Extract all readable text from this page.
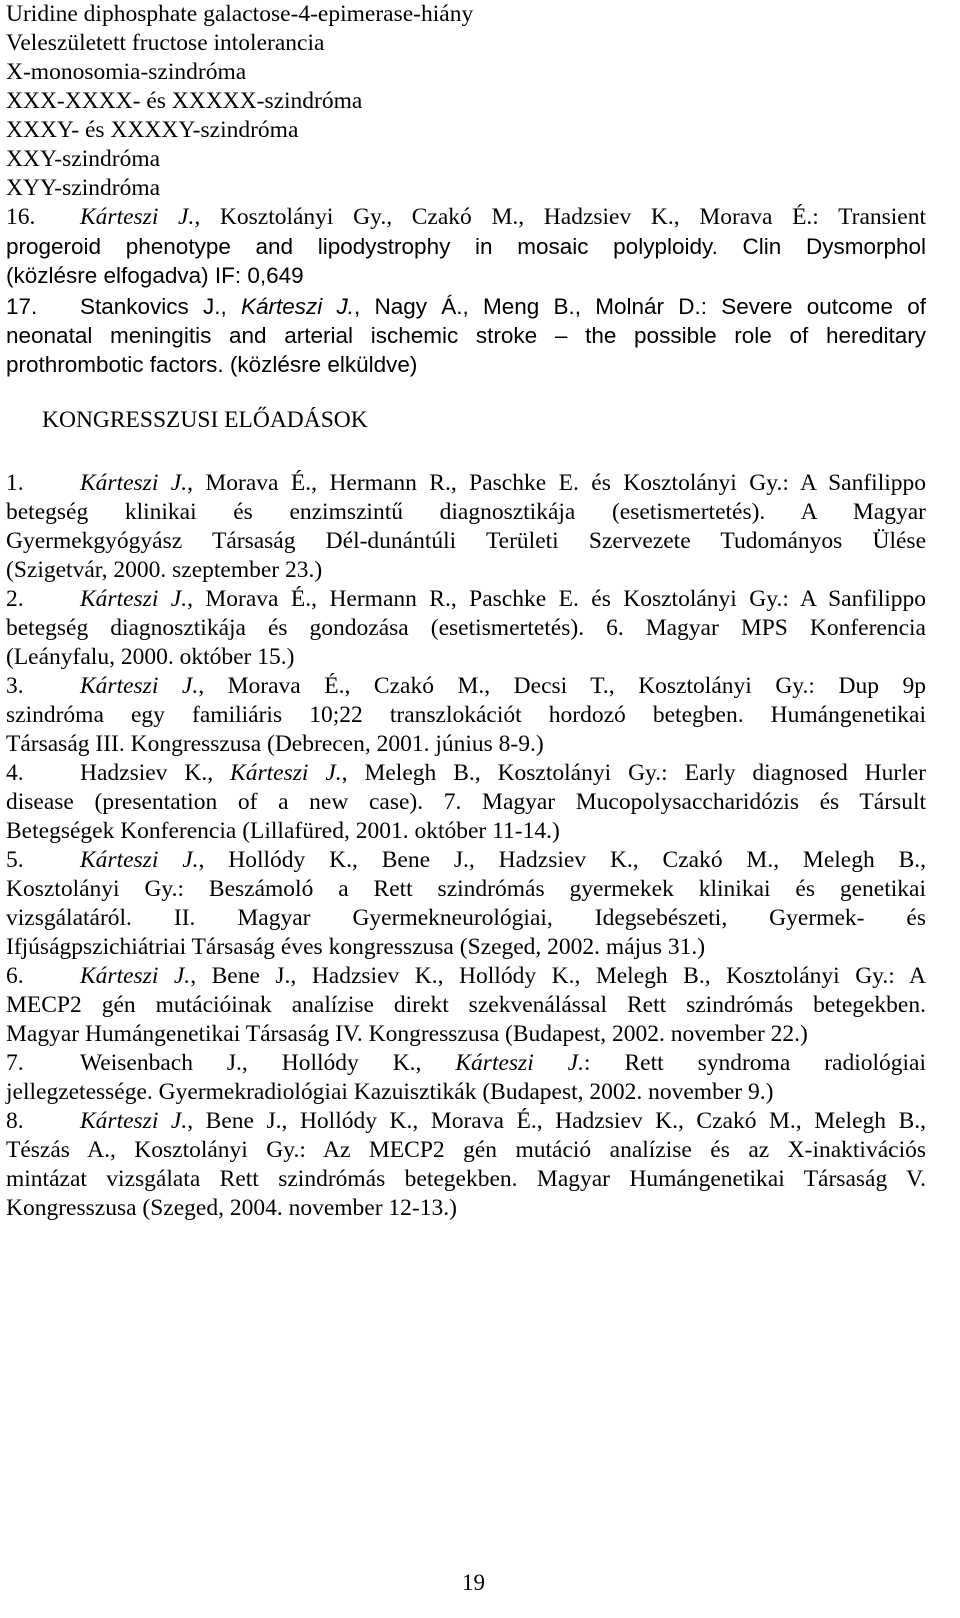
Uridine diphosphate galactose-4-epimerase-hiány
Veleszületett fructose intolerancia
X-monosomia-szindróma
XXX-XXXX- és XXXXX-szindróma
XXXY- és XXXXY-szindróma
XXY-szindróma
XYY-szindróma
16. Kárteszi J., Kosztolányi Gy., Czakó M., Hadzsiev K., Morava É.: Transient
progeroid phenotype and lipodystrophy in mosaic polyploidy. Clin Dysmorphol
(közlésre elfogadva) IF: 0,649
17. Stankovics J., Kárteszi J., Nagy Á., Meng B., Molnár D.: Severe outcome of
neonatal meningitis and arterial ischemic stroke – the possible role of hereditary
prothrombotic factors. (közlésre elküldve)
KONGRESSZUSI ELŐADÁSOK
1. Kárteszi J., Morava É., Hermann R., Paschke E. és Kosztolányi Gy.: A Sanfilippo
betegség klinikai és enzimszintű diagnosztikája (esetismertetés). A Magyar
Gyermekgyógyász Társaság Dél-dunántúli Területi Szervezete Tudományos Ülése
(Szigetvár, 2000. szeptember 23.)
2. Kárteszi J., Morava É., Hermann R., Paschke E. és Kosztolányi Gy.: A Sanfilippo
betegség diagnosztikája és gondozása (esetismertetés). 6. Magyar MPS Konferencia
(Leányfalu, 2000. október 15.)
3. Kárteszi J., Morava É., Czakó M., Decsi T., Kosztolányi Gy.: Dup 9p
szindróma egy familiáris 10;22 transzlokációt hordozó betegben. Humángenetikai
Társaság III. Kongresszusa (Debrecen, 2001. június 8-9.)
4. Hadzsiev K., Kárteszi J., Melegh B., Kosztolányi Gy.: Early diagnosed Hurler
disease (presentation of a new case). 7. Magyar Mucopolysaccharidózis és Társult
Betegségek Konferencia (Lillafüred, 2001. október 11-14.)
5. Kárteszi J., Hollódy K., Bene J., Hadzsiev K., Czakó M., Melegh B.,
Kosztolányi Gy.: Beszámoló a Rett szindrómás gyermekek klinikai és genetikai
vizsgálatáról. II. Magyar Gyermekneurológiai, Idegsebészeti, Gyermek- és
Ifjúságpszichiátriai Társaság éves kongresszusa (Szeged, 2002. május 31.)
6. Kárteszi J., Bene J., Hadzsiev K., Hollódy K., Melegh B., Kosztolányi Gy.: A
MECP2 gén mutációinak analízise direkt szekvenálással Rett szindrómás betegekben.
Magyar Humángenetikai Társaság IV. Kongresszusa (Budapest, 2002. november 22.)
7. Weisenbach J., Hollódy K., Kárteszi J.: Rett syndroma radiológiai
jellegzetessége. Gyermekradiológiai Kazuisztikák (Budapest, 2002. november 9.)
8. Kárteszi J., Bene J., Hollódy K., Morava É., Hadzsiev K., Czakó M., Melegh B.,
Tészás A., Kosztolányi Gy.: Az MECP2 gén mutáció analízise és az X-inaktivációs
mintázat vizsgálata Rett szindrómás betegekben. Magyar Humángenetikai Társaság V.
Kongresszusa (Szeged, 2004. november 12-13.)
19
